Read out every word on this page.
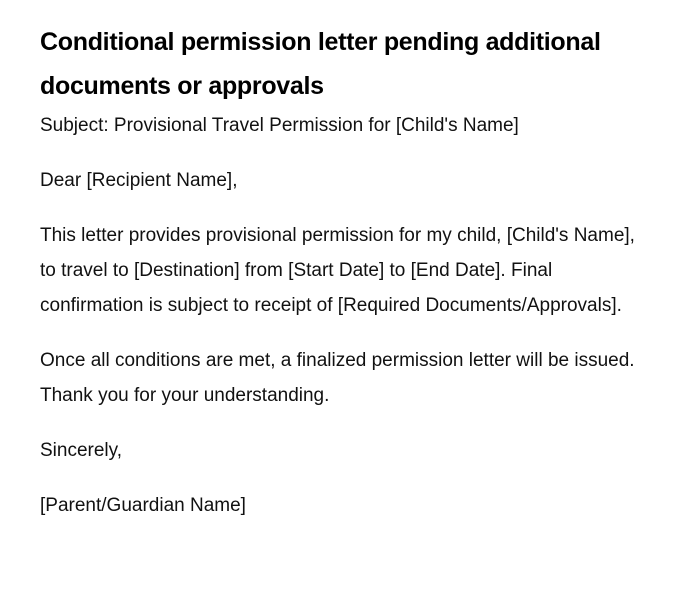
Conditional permission letter pending additional documents or approvals

Subject: Provisional Travel Permission for [Child's Name]

Dear [Recipient Name],

This letter provides provisional permission for my child, [Child's Name], to travel to [Destination] from [Start Date] to [End Date]. Final confirmation is subject to receipt of [Required Documents/Approvals].

Once all conditions are met, a finalized permission letter will be issued. Thank you for your understanding.

Sincerely,

[Parent/Guardian Name]
